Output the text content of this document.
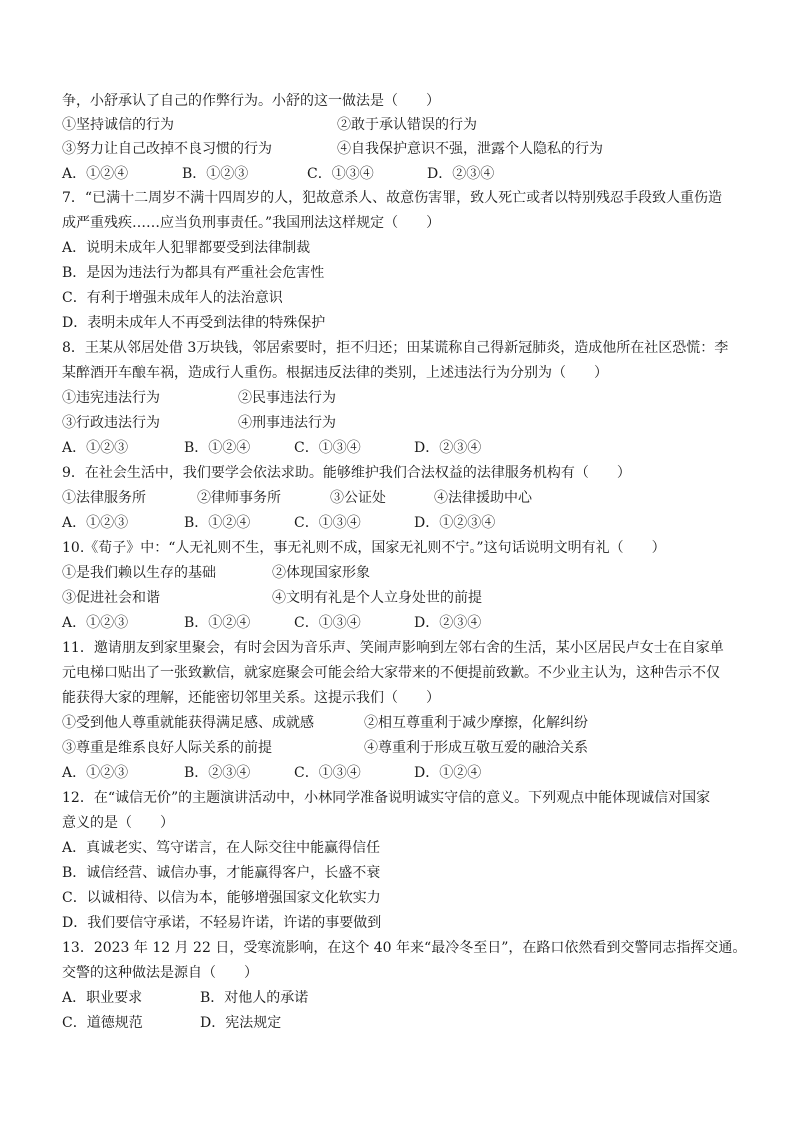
争，小舒承认了自己的作弊行为。小舒的这一做法是（　　）
①坚持诚信的行为	②敢于承认错误的行为
③努力让自己改掉不良习惯的行为	④自我保护意识不强，泄露个人隐私的行为
A．①②④	B．①②③	C．①③④	D．②③④
7．“已满十二周岁不满十四周岁的人，犯故意杀人、故意伤害罪，致人死亡或者以特别残忍手段致人重伤造
成严重残疾……应当负刑事责任。”我国刑法这样规定（　　）
A．说明未成年人犯罪都要受到法律制裁
B．是因为违法行为都具有严重社会危害性
C．有利于增强未成年人的法治意识
D．表明未成年人不再受到法律的特殊保护
8．王某从邻居处借 3万块钱，邻居索要时，拒不归还；田某谎称自己得新冠肺炎，造成他所在社区恐慌：李
某醉酒开车酿车祸，造成行人重伤。根据违反法律的类别，上述违法行为分别为（　　）
①违宪违法行为	②民事违法行为
③行政违法行为	④刑事违法行为
A．①②③	B．①②④	C．①③④	D．②③④
9．在社会生活中，我们要学会依法求助。能够维护我们合法权益的法律服务机构有（　　）
①法律服务所	②律师事务所	③公证处	④法律援助中心
A．①②③	B．①②④	C．①③④	D．①②③④
10.《荀子》中：“人无礼则不生，事无礼则不成，国家无礼则不宁。”这句话说明文明有礼（　　）
①是我们赖以生存的基础	②体现国家形象
③促进社会和谐	④文明有礼是个人立身处世的前提
A．①②③	B．①②④	C．①③④	D．②③④
11．邀请朋友到家里聚会，有时会因为音乐声、笑闹声影响到左邻右舍的生活，某小区居民卢女士在自家单
元电梯口贴出了一张致歉信，就家庭聚会可能会给大家带来的不便提前致歉。不少业主认为，这种告示不仅
能获得大家的理解，还能密切邻里关系。这提示我们（　　）
①受到他人尊重就能获得满足感、成就感	②相互尊重利于减少摩擦，化解纠纷
③尊重是维系良好人际关系的前提	④尊重利于形成互敬互爱的融洽关系
A．①②③	B．②③④	C．①③④	D．①②④
12．在“诚信无价”的主题演讲活动中，小林同学准备说明诚实守信的意义。下列观点中能体现诚信对国家
意义的是（　　）
A．真诚老实、笃守诺言，在人际交往中能赢得信任
B．诚信经营、诚信办事，才能赢得客户，长盛不衰
C．以诚相待、以信为本，能够增强国家文化软实力
D．我们要信守承诺，不轻易许诺，许诺的事要做到
13．2023 年 12 月 22 日，受寒流影响，在这个 40 年来“最冷冬至日”，在路口依然看到交警同志指挥交通。
交警的这种做法是源自（　　）
A．职业要求	B．对他人的承诺
C．道德规范	D．宪法规定
